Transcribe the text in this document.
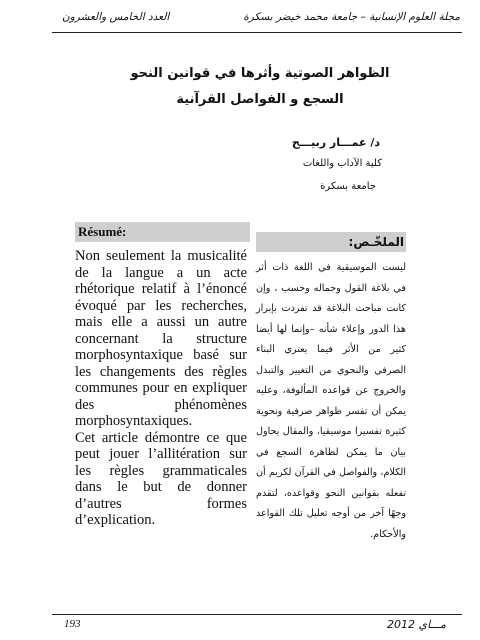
مجلة العلوم الإنسانية – جامعة محمد خيضر بسكرة
العدد الخامس والعشرون
الظواهر الصوتية وأثرها في قوانين النحو
السجع و الفواصل القرآنية
د/ عمـــار ربيـــح
كلية الآداب واللغات
جامعة بسكرة
Résumé:

Non seulement la musicalité de la langue a un acte rhétorique relatif à l’énoncé évoqué par les recherches, mais elle a aussi un autre concernant la structure morphosyntaxique basé sur les changements des règles communes pour en expliquer des phénomènes morphosyntaxiques.

Cet article démontre ce que peut jouer l’allitération sur les règles grammaticales dans le but de donner d’autres formes d’explication.

الملخّـص:

ليست الموسيقية في اللغة ذات أثر في بلاغة القول وجماله وحسب ، وإن كانت مباحث البلاغة قد تفردت بإبراز هذا الدور وإعلاء شأنه –وإنما لها أيضا كثير من الأثر فيما يعتري البناء الصرفي والنحوي من التغيير والتبدل والخروج عن قواعده المألوفة، وعليه يمكن أن تفسر ظواهر صرفية ونحوية كثيرة تفسيرا موسيقيا، والمقال يحاول بيان ما يمكن لظاهرة السجع في الكلام، والفواصل في القرآن لكريم أن تفعله بقوانين النحو وقواعده، لتقدم وجهًا آخر من أوجه تعليل تلك القواعد والأحكام.

193	مـــاي 2012
